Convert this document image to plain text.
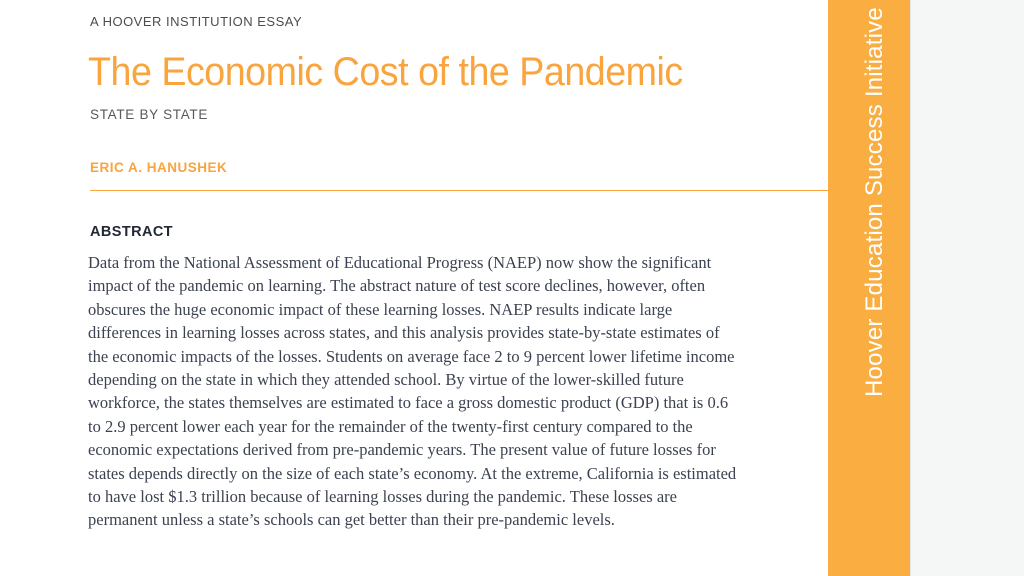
A HOOVER INSTITUTION ESSAY
The Economic Cost of the Pandemic
STATE BY STATE
ERIC A. HANUSHEK
ABSTRACT

Data from the National Assessment of Educational Progress (NAEP) now show the significant impact of the pandemic on learning. The abstract nature of test score declines, however, often obscures the huge economic impact of these learning losses. NAEP results indicate large differences in learning losses across states, and this analysis provides state-by-state estimates of the economic impacts of the losses. Students on average face 2 to 9 percent lower lifetime income depending on the state in which they attended school. By virtue of the lower-skilled future workforce, the states themselves are estimated to face a gross domestic product (GDP) that is 0.6 to 2.9 percent lower each year for the remainder of the twenty-first century compared to the economic expectations derived from pre-pandemic years. The present value of future losses for states depends directly on the size of each state’s economy. At the extreme, California is estimated to have lost $1.3 trillion because of learning losses during the pandemic. These losses are permanent unless a state’s schools can get better than their pre-pandemic levels.

Hoover Education Success Initiative
